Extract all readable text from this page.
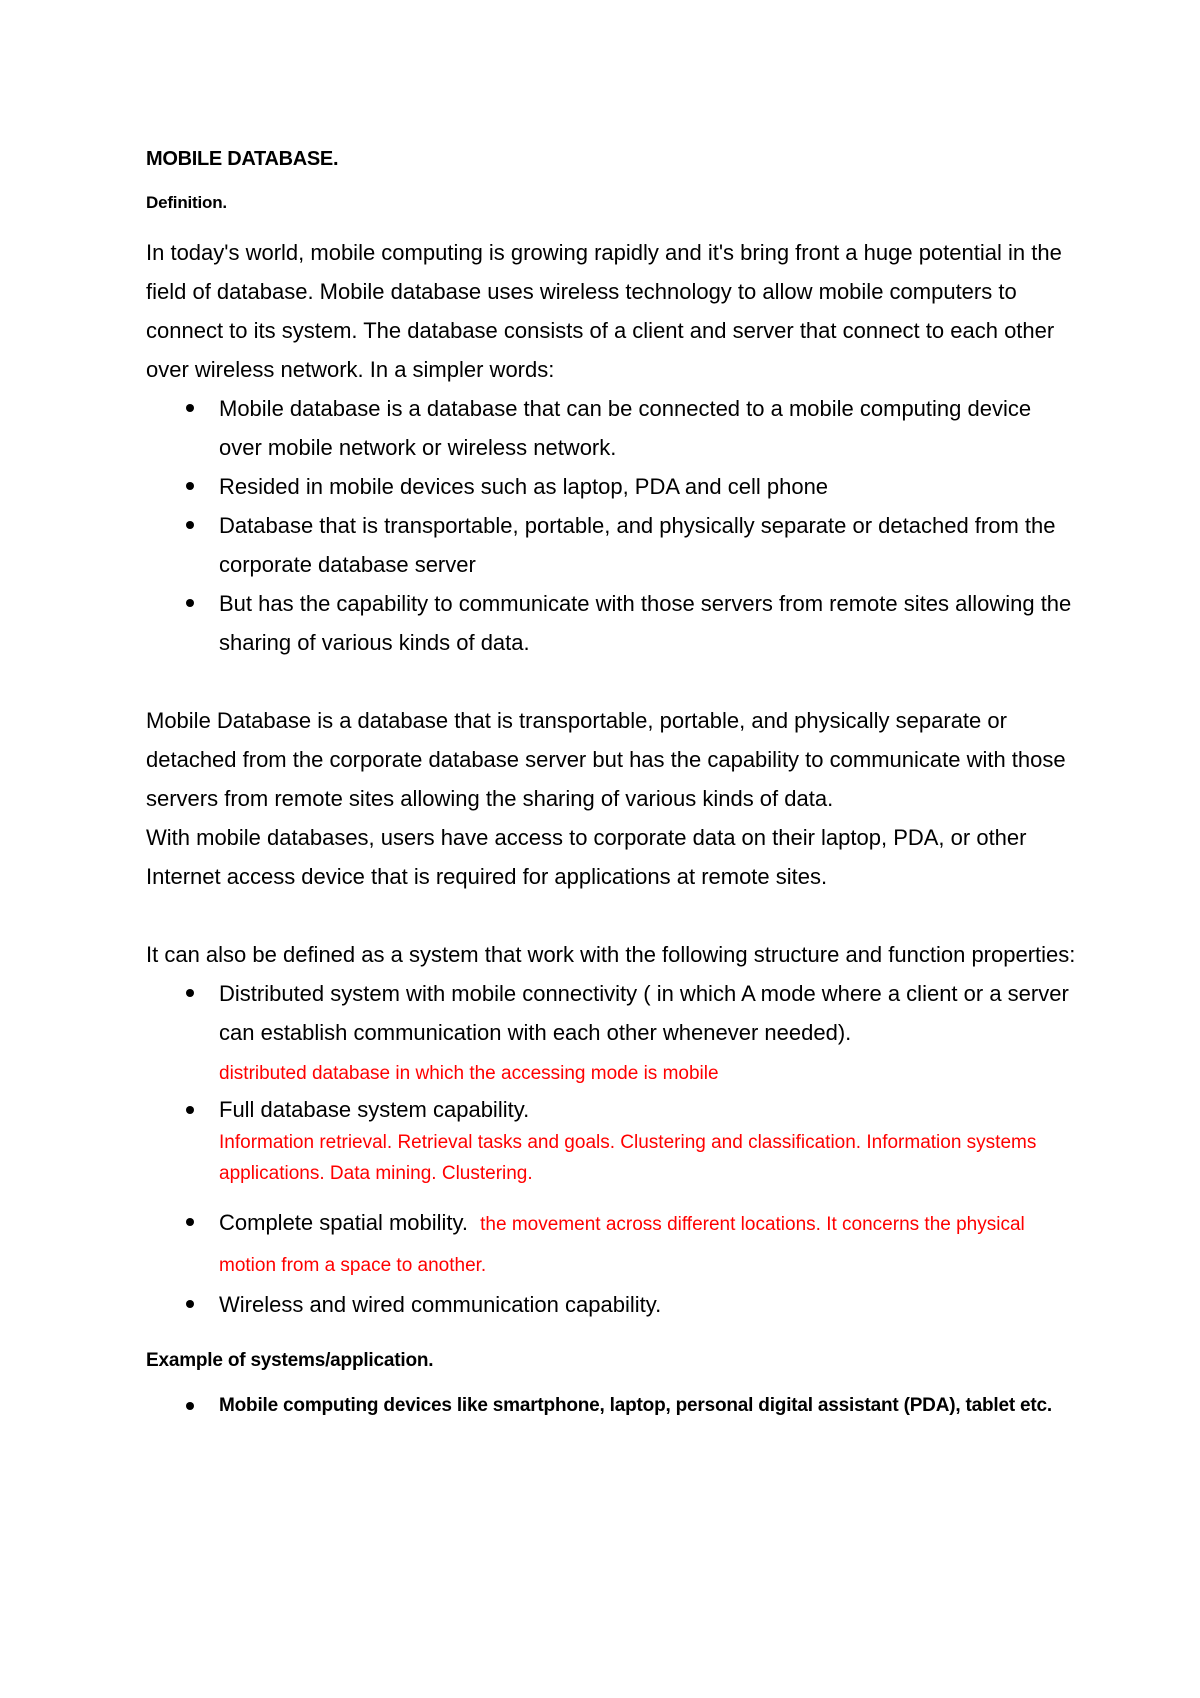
MOBILE DATABASE.
Definition.

In today's world, mobile computing is growing rapidly and it's bring front a huge potential in the field of database. Mobile database uses wireless technology to allow mobile computers to connect to its system. The database consists of a client and server that connect to each other over wireless network. In a simpler words:

Mobile database is a database that can be connected to a mobile computing device over mobile network or wireless network.
Resided in mobile devices such as laptop, PDA and cell phone
Database that is transportable, portable, and physically separate or detached from the corporate database server
But has the capability to communicate with those servers from remote sites allowing the sharing of various kinds of data.

Mobile Database is a database that is transportable, portable, and physically separate or detached from the corporate database server but has the capability to communicate with those servers from remote sites allowing the sharing of various kinds of data.

With mobile databases, users have access to corporate data on their laptop, PDA, or other Internet access device that is required for applications at remote sites.

It can also be defined as a system that work with the following structure and function properties:

Distributed system with mobile connectivity ( in which A mode where a client or a server can establish communication with each other whenever needed).
distributed database in which the accessing mode is mobile
Full database system capability.
Information retrieval. Retrieval tasks and goals. Clustering and classification. Information systems applications. Data mining. Clustering.
Complete spatial mobility. the movement across different locations. It concerns the physical motion from a space to another.
Wireless and wired communication capability.
Example of systems/application.
Mobile computing devices like smartphone, laptop, personal digital assistant (PDA), tablet etc.
